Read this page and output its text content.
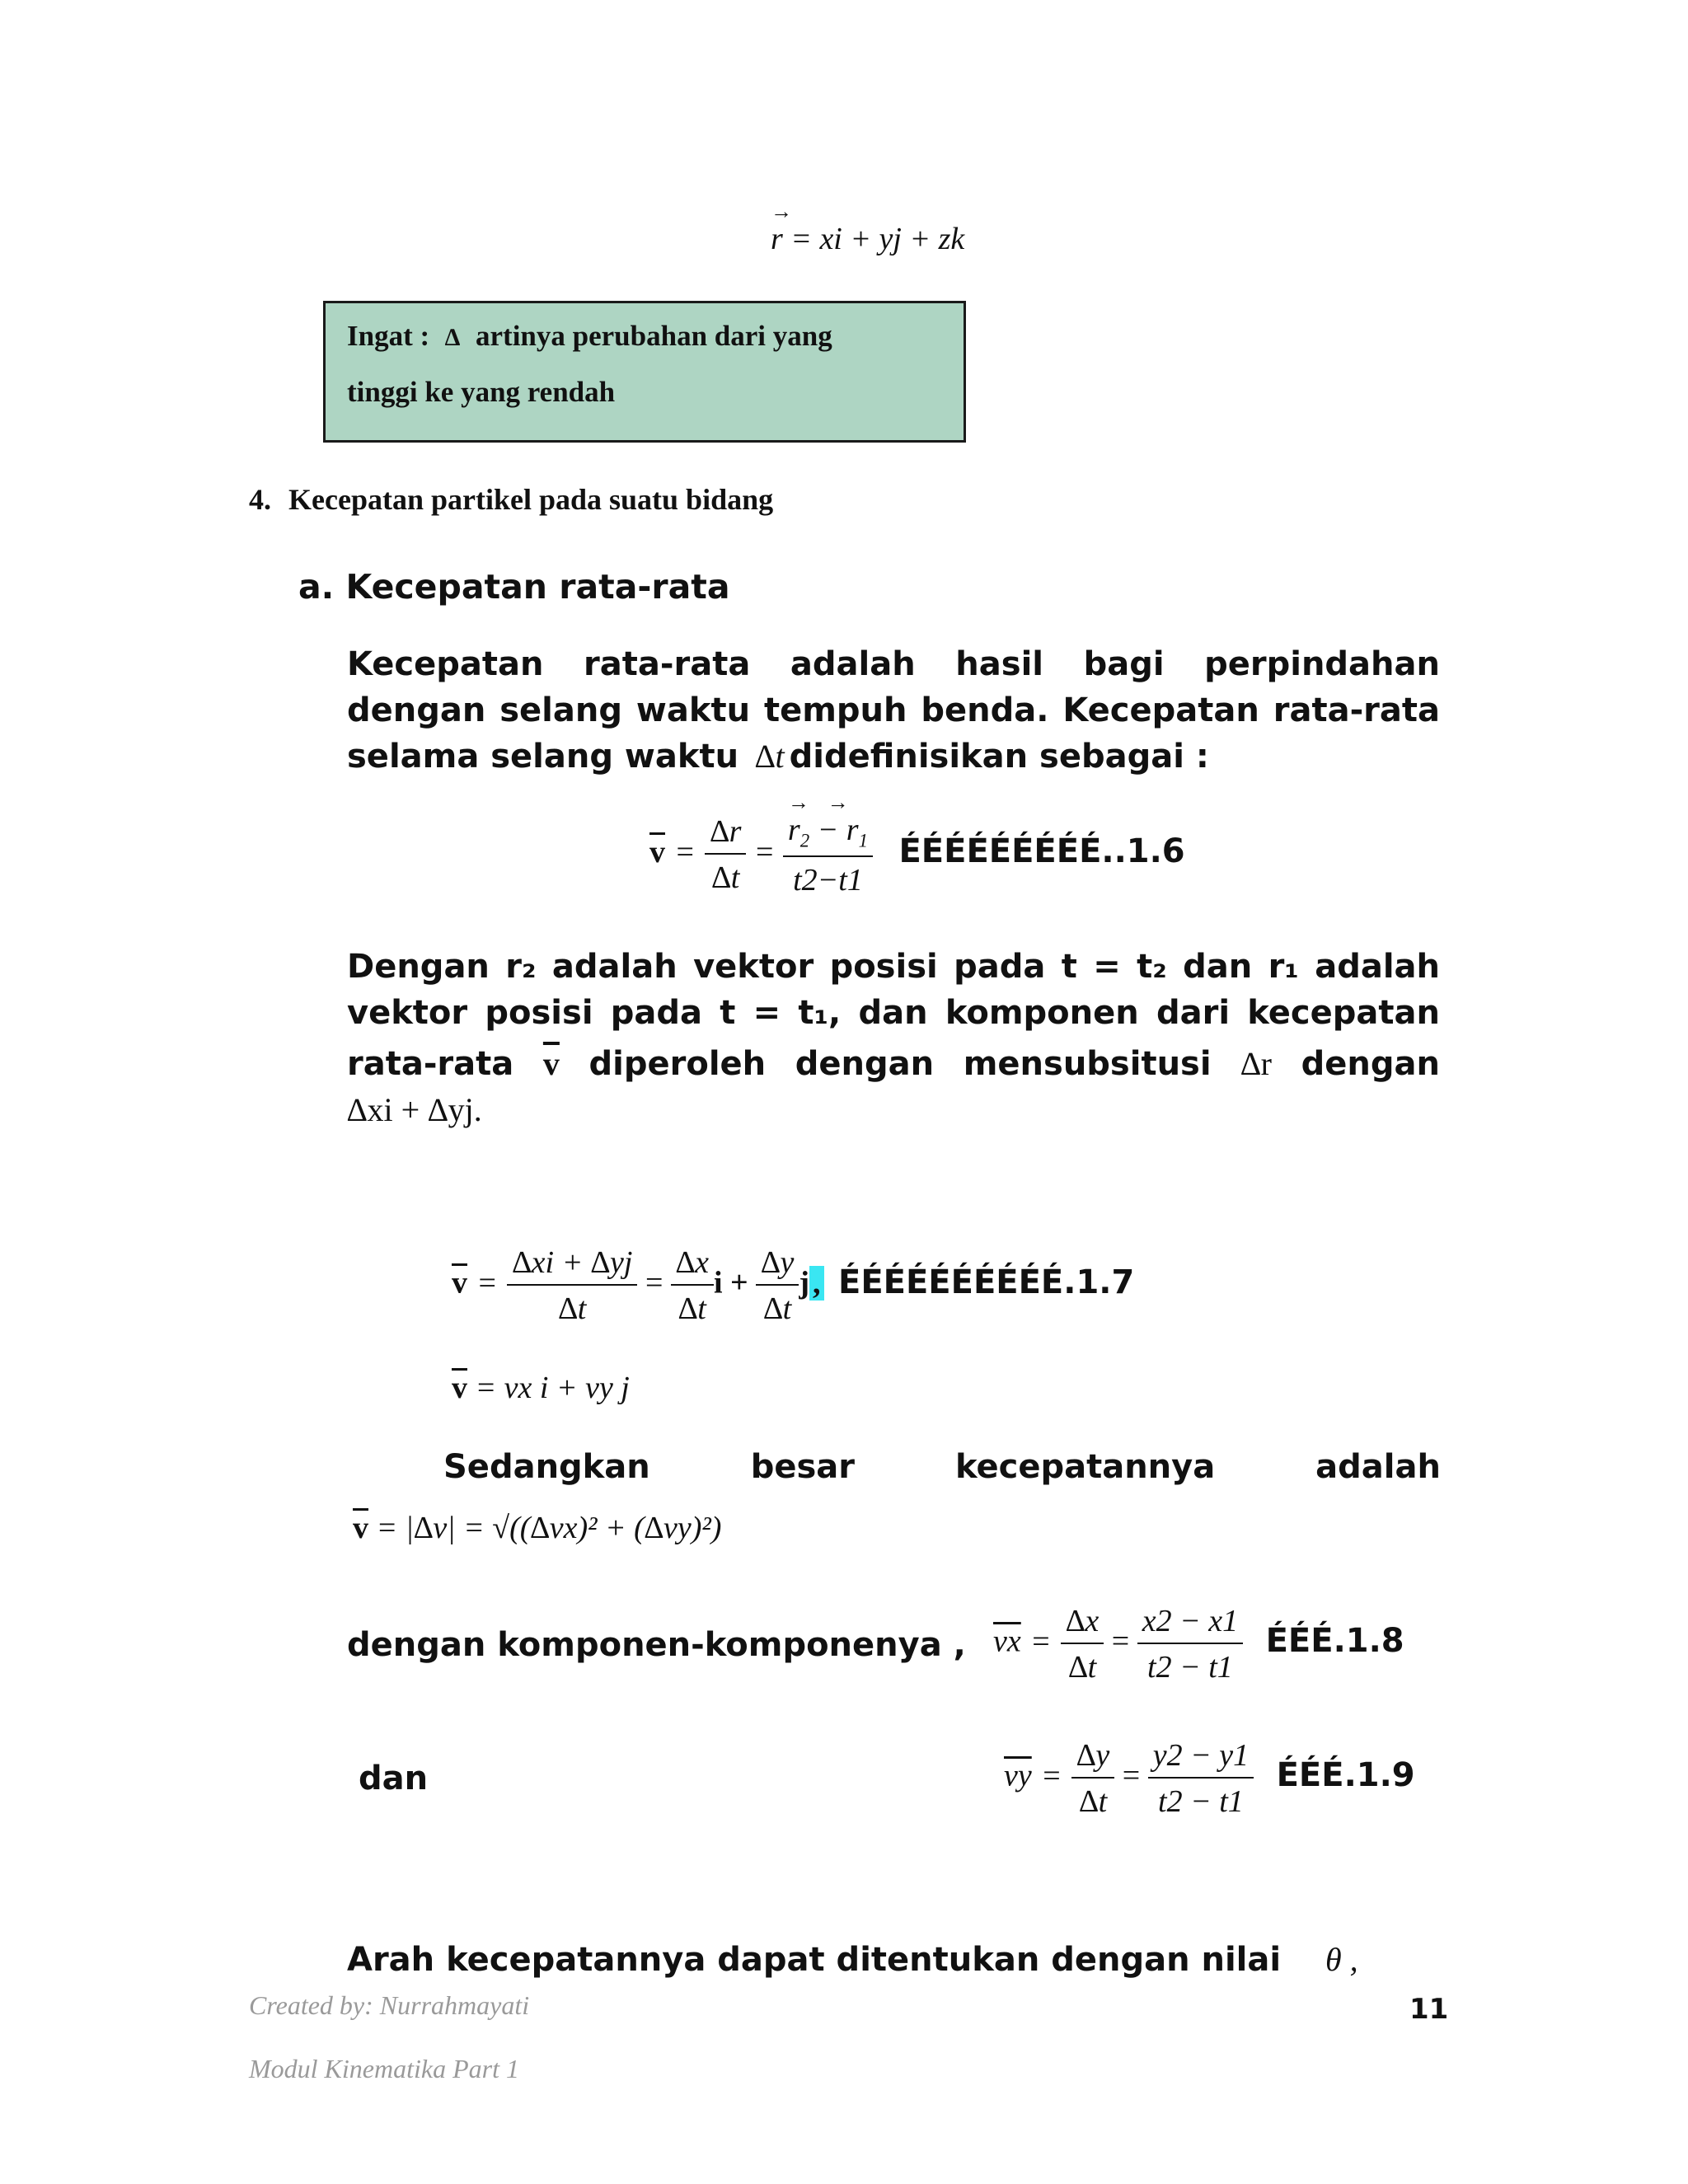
→ r = xi + yj + zk

Ingat : ∆ artinya perubahan dari yang

tinggi ke yang rendah

4. Kecepatan partikel pada suatu bidang
a. Kecepatan rata-rata
Kecepatan rata-rata adalah hasil bagi perpindahan
dengan selang waktu tempuh benda. Kecepatan rata-rata
selama selang waktu ∆t didefinisikan sebagai :
$\overline{v} = \frac{\Delta r}{\Delta t}$ = → $\frac{r_2 \to - r_1}{t2-t1}$ ÉÉÉÉÉÉÉÉÉ..1.6
Dengan r₂ adalah vektor posisi pada t = t₂ dan r₁ adalah
vektor posisi pada t = t₁, dan komponen dari kecepatan
rata-rata $\overline{v}$ diperoleh dengan mensubsitusi ∆r dengan
∆xi + ∆yj.
$\overline{v} = \frac{\Delta xi + \Delta yj}{\Delta t} = \frac{\Delta x}{\Delta t}$ $i + \frac{\Delta y}{\Delta t}$ j , ÉÉÉÉÉÉÉÉÉÉ.1.7
$\overline{v}$ = vx i + vy j
Sedangkan	besar	kecepatannya	adalah
$\overline{v} = |\Delta v| = √((\Delta vx)^2 + (\Delta vy)^2)$
dengan komponen-komponenya , $\overline{vx} = \frac{\Delta x}{\Delta t} = \frac{x2 - x1}{t2 - t1}$ ÉÉÉ.1.8
dan	$\overline{vy} = \frac{\Delta y}{\Delta t} = \frac{y2 - y1}{t2 - t1}$ ÉÉÉ.1.9
Arah kecepatannya dapat ditentukan dengan nilai θ ,
Created by: Nurrahmayati	11
Modul Kinematika Part 1
